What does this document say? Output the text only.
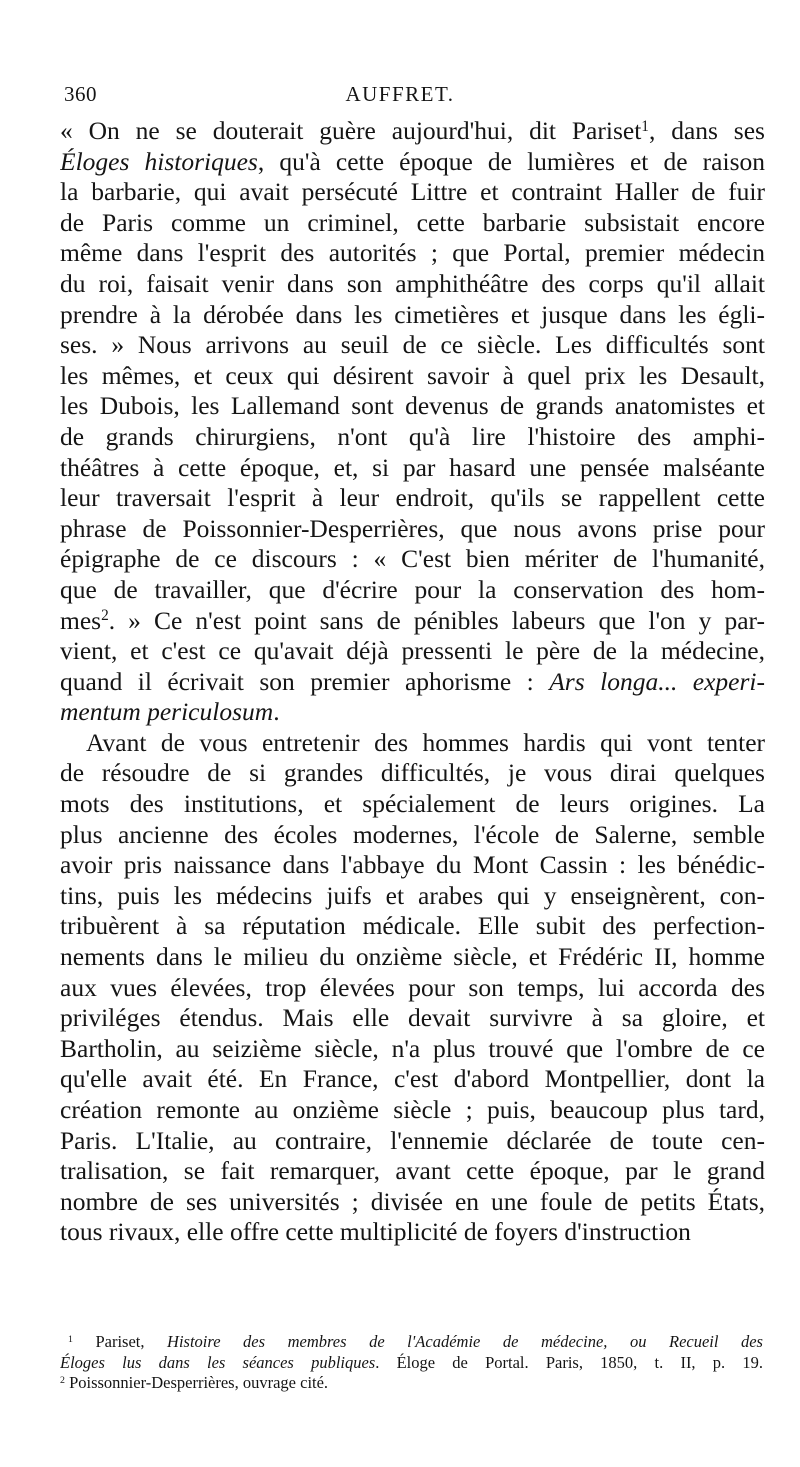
360	AUFFRET.
« On ne se douterait guère aujourd'hui, dit Pariset$^1$, dans ses
Éloges historiques, qu'à cette époque de lumières et de raison
la barbarie, qui avait persécuté Littre et contraint Haller de fuir
de Paris comme un criminel, cette barbarie subsistait encore
même dans l'esprit des autorités ; que Portal, premier médecin
du roi, faisait venir dans son amphithéâtre des corps qu'il allait
prendre à la dérobée dans les cimetières et jusque dans les égli-
ses. » Nous arrivons au seuil de ce siècle. Les difficultés sont
les mêmes, et ceux qui désirent savoir à quel prix les Desault,
les Dubois, les Lallemand sont devenus de grands anatomistes et
de grands chirurgiens, n'ont qu'à lire l'histoire des amphi-
théâtres à cette époque, et, si par hasard une pensée malséante
leur traversait l'esprit à leur endroit, qu'ils se rappellent cette
phrase de Poissonnier-Desperrières, que nous avons prise pour
épigraphe de ce discours : « C'est bien mériter de l'humanité,
que de travailler, que d'écrire pour la conservation des hom-
mes$^2$. » Ce n'est point sans de pénibles labeurs que l'on y par-
vient, et c'est ce qu'avait déjà pressenti le père de la médecine,
quand il écrivait son premier aphorisme : Ars longa... experi-
mentum periculosum.
Avant de vous entretenir des hommes hardis qui vont tenter
de résoudre de si grandes difficultés, je vous dirai quelques
mots des institutions, et spécialement de leurs origines. La
plus ancienne des écoles modernes, l'école de Salerne, semble
avoir pris naissance dans l'abbaye du Mont Cassin : les bénédic-
tins, puis les médecins juifs et arabes qui y enseignèrent, con-
tribuèrent à sa réputation médicale. Elle subit des perfection-
nements dans le milieu du onzième siècle, et Frédéric II, homme
aux vues élevées, trop élevées pour son temps, lui accorda des
priviléges étendus. Mais elle devait survivre à sa gloire, et
Bartholin, au seizième siècle, n'a plus trouvé que l'ombre de ce
qu'elle avait été. En France, c'est d'abord Montpellier, dont la
création remonte au onzième siècle ; puis, beaucoup plus tard,
Paris. L'Italie, au contraire, l'ennemie déclarée de toute cen-
tralisation, se fait remarquer, avant cette époque, par le grand
nombre de ses universités ; divisée en une foule de petits États,
tous rivaux, elle offre cette multiplicité de foyers d'instruction
$^1$ Pariset, Histoire des membres de l'Académie de médecine, ou Recueil des
Éloges lus dans les séances publiques. Éloge de Portal. Paris, 1850, t. II, p. 19.
$^2$ Poissonnier-Desperrières, ouvrage cité.
